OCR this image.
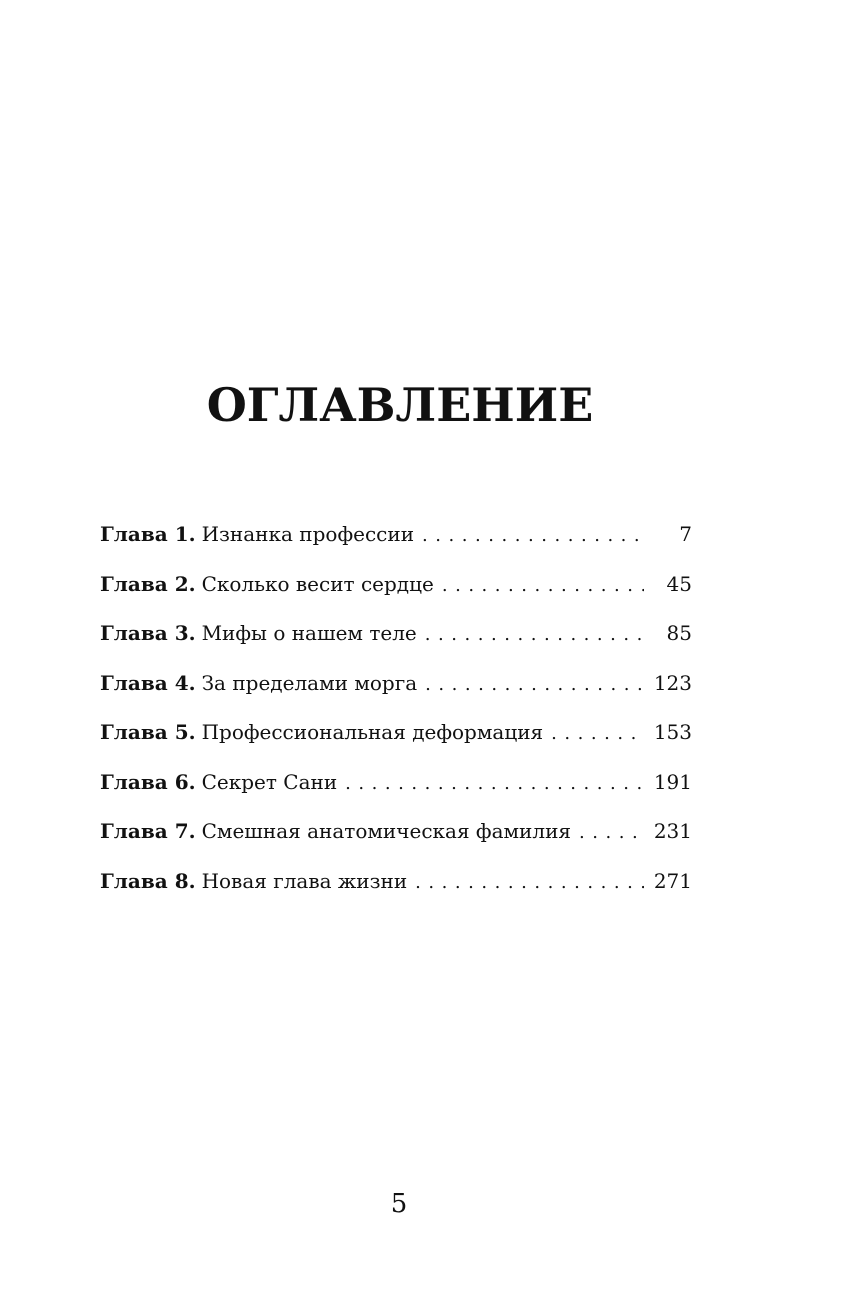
ОГЛАВЛЕНИЕ
Глава 1. Изнанка профессии . . .	7
Глава 2. Сколько весит сердце . . .	45
Глава 3. Мифы о нашем теле . . .	85
Глава 4. За пределами морга . . .	123
Глава 5. Профессиональная деформация . . .	153
Глава 6. Секрет Сани . . .	191
Глава 7. Смешная анатомическая фамилия . . .	231
Глава 8. Новая глава жизни . . .	271
5
